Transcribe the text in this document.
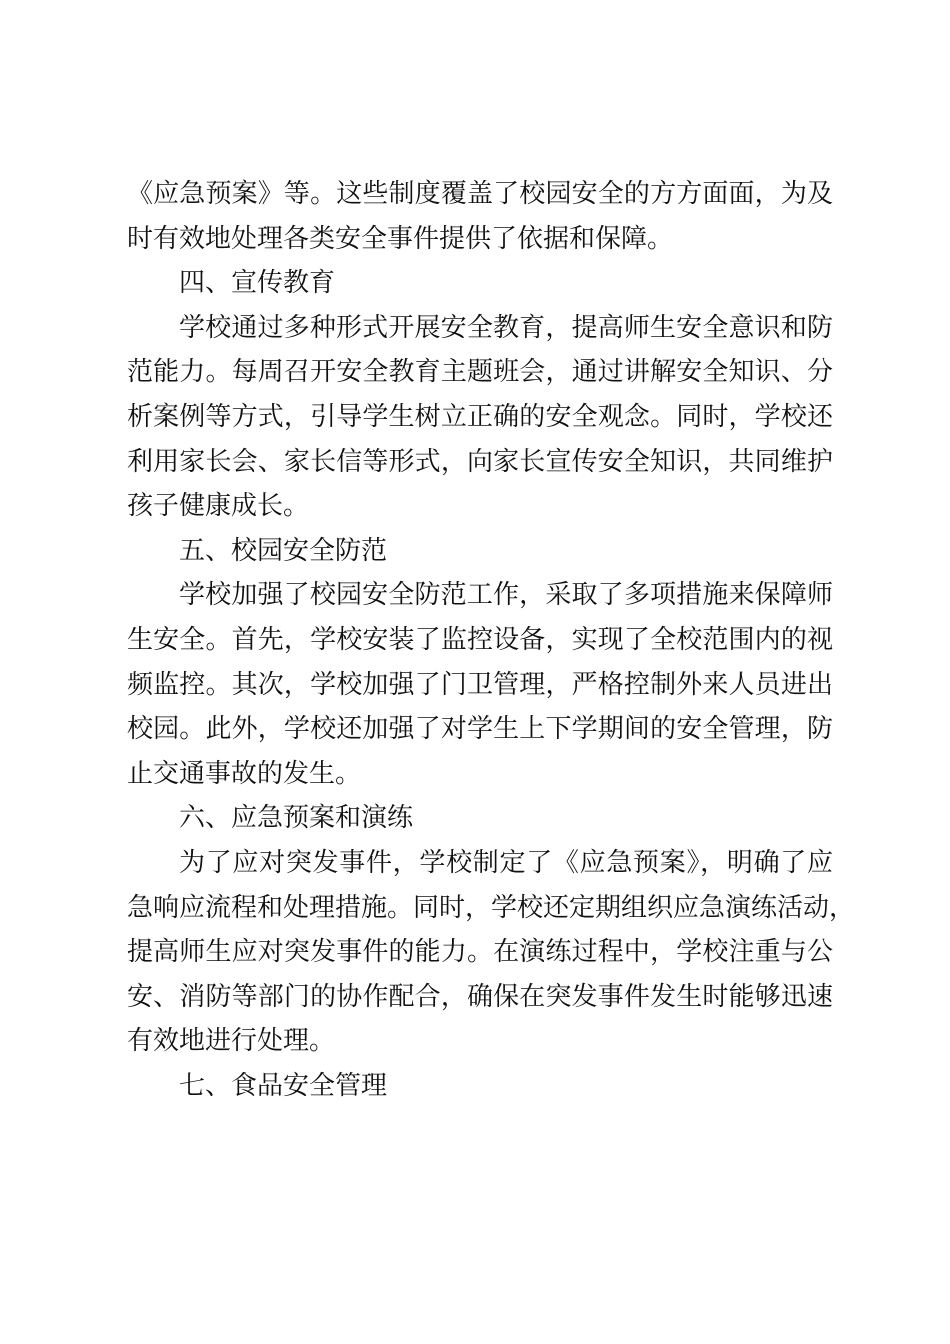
《应急预案》等。这些制度覆盖了校园安全的方方面面，为及
时有效地处理各类安全事件提供了依据和保障。
四、宣传教育
学校通过多种形式开展安全教育，提高师生安全意识和防
范能力。每周召开安全教育主题班会，通过讲解安全知识、分
析案例等方式，引导学生树立正确的安全观念。同时，学校还
利用家长会、家长信等形式，向家长宣传安全知识，共同维护
孩子健康成长。
五、校园安全防范
学校加强了校园安全防范工作，采取了多项措施来保障师
生安全。首先，学校安装了监控设备，实现了全校范围内的视
频监控。其次，学校加强了门卫管理，严格控制外来人员进出
校园。此外，学校还加强了对学生上下学期间的安全管理，防
止交通事故的发生。
六、应急预案和演练
为了应对突发事件，学校制定了《应急预案》，明确了应
急响应流程和处理措施。同时，学校还定期组织应急演练活动，
提高师生应对突发事件的能力。在演练过程中，学校注重与公
安、消防等部门的协作配合，确保在突发事件发生时能够迅速
有效地进行处理。
七、食品安全管理
